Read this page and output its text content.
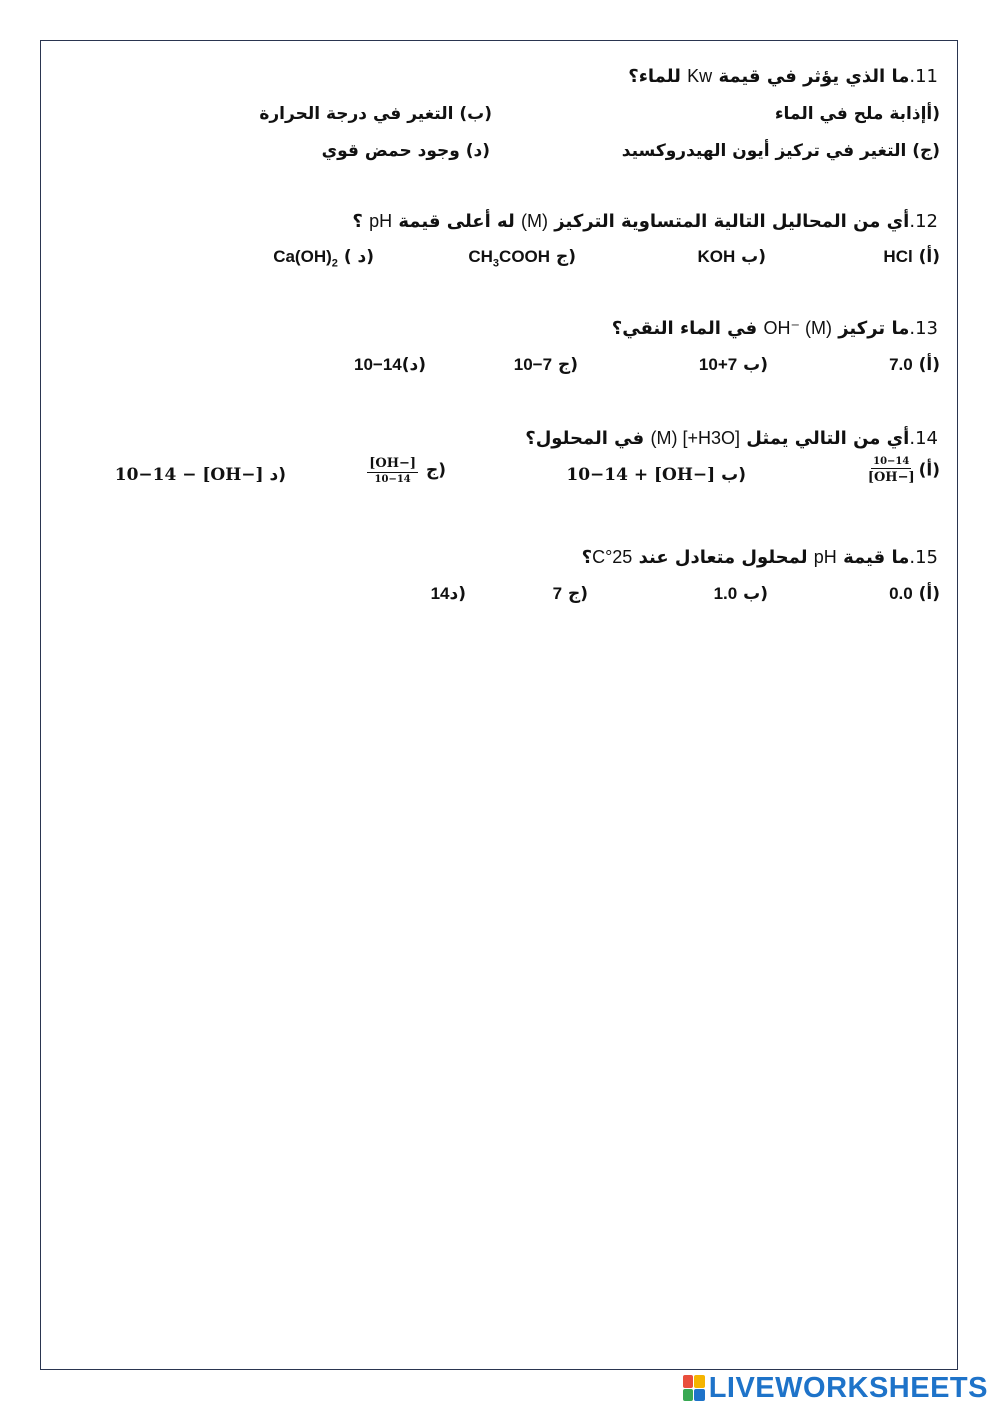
11.ما الذي يؤثر في قيمة Kw للماء؟
(أإذابة ملح في الماء
(ب) التغير في درجة الحرارة
(ج) التغير في تركيز أيون الهيدروكسيد
(د) وجود حمض قوي
12.أي من المحاليل التالية المتساوية التركيز (M) له أعلى قيمة pH ؟
(أ) HCl
(ب KOH
(ج $CH_3COOH$
(د ) $Ca(OH)_2$
13.ما تركيز OH⁻ (M) في الماء النقي؟
(أ) 7.0
(ب 10+7
(ج 10−7
(د)10−14
14.أي من التالي يمثل [H3O+] (M) في المحلول؟
(أ)
$\frac{10-14}{[OH-]}$
(ب 10−14 + [OH−]
(ج
$\frac{[OH-]}{10-14}$
(د 10−14 − [OH−]
15.ما قيمة pH لمحلول متعادل عند 25°C؟
(أ) 0.0
(ب 1.0
(ج 7
(د14
LIVEWORKSHEETS
